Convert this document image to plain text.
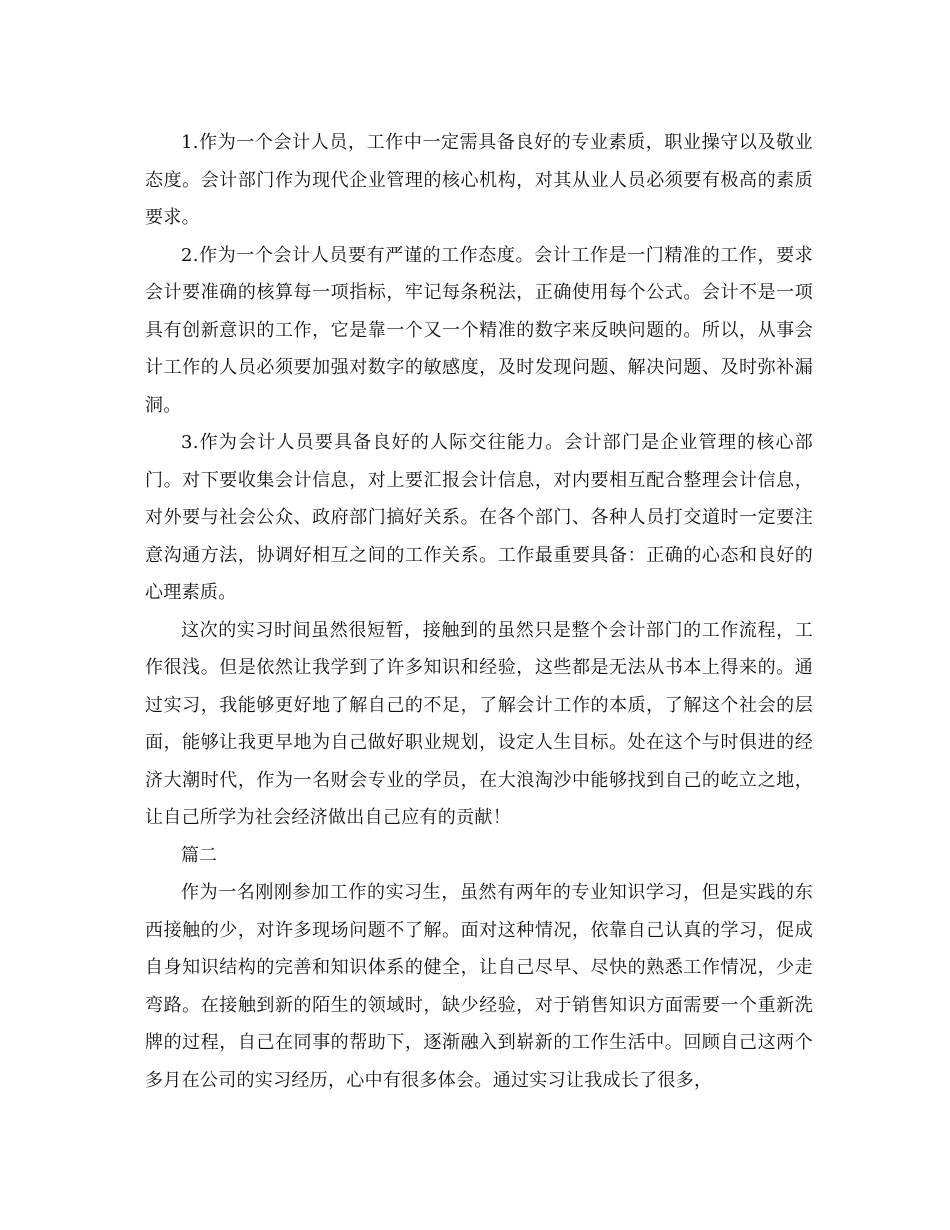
1.作为一个会计人员，工作中一定需具备良好的专业素质，职业操守以及敬业态度。会计部门作为现代企业管理的核心机构，对其从业人员必须要有极高的素质要求。

2.作为一个会计人员要有严谨的工作态度。会计工作是一门精准的工作，要求会计要准确的核算每一项指标，牢记每条税法，正确使用每个公式。会计不是一项具有创新意识的工作，它是靠一个又一个精准的数字来反映问题的。所以，从事会计工作的人员必须要加强对数字的敏感度，及时发现问题、解决问题、及时弥补漏洞。

3.作为会计人员要具备良好的人际交往能力。会计部门是企业管理的核心部门。对下要收集会计信息，对上要汇报会计信息，对内要相互配合整理会计信息，对外要与社会公众、政府部门搞好关系。在各个部门、各种人员打交道时一定要注意沟通方法，协调好相互之间的工作关系。工作最重要具备：正确的心态和良好的心理素质。

这次的实习时间虽然很短暂，接触到的虽然只是整个会计部门的工作流程，工作很浅。但是依然让我学到了许多知识和经验，这些都是无法从书本上得来的。通过实习，我能够更好地了解自己的不足，了解会计工作的本质，了解这个社会的层面，能够让我更早地为自己做好职业规划，设定人生目标。处在这个与时俱进的经济大潮时代，作为一名财会专业的学员，在大浪淘沙中能够找到自己的屹立之地，让自己所学为社会经济做出自己应有的贡献！

篇二

作为一名刚刚参加工作的实习生，虽然有两年的专业知识学习，但是实践的东西接触的少，对许多现场问题不了解。面对这种情况，依靠自己认真的学习，促成自身知识结构的完善和知识体系的健全，让自己尽早、尽快的熟悉工作情况，少走弯路。在接触到新的陌生的领域时，缺少经验，对于销售知识方面需要一个重新洗牌的过程，自己在同事的帮助下，逐渐融入到崭新的工作生活中。回顾自己这两个多月在公司的实习经历，心中有很多体会。通过实习让我成长了很多，
